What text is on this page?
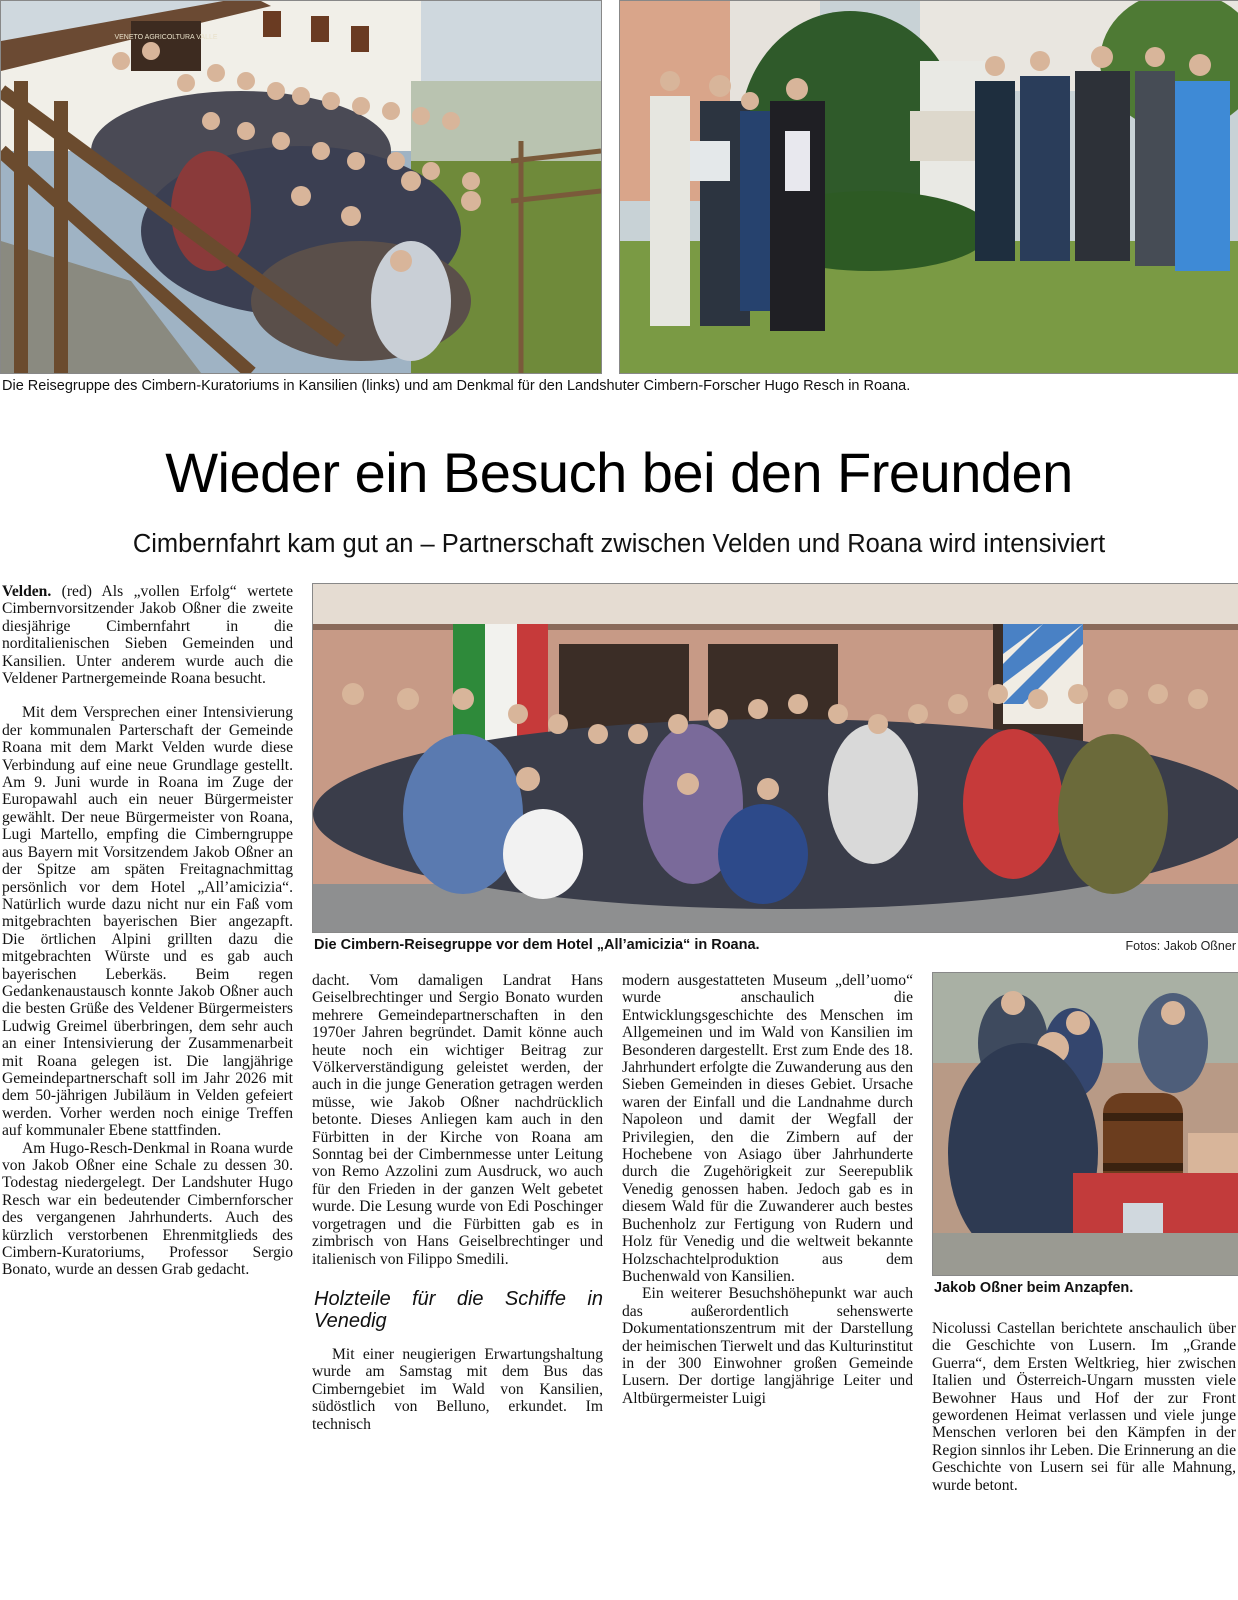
VENETO AGRICOLTURA VALLE
Die Reisegruppe des Cimbern-Kuratoriums in Kansilien (links) und am Denkmal für den Landshuter Cimbern-Forscher Hugo Resch in Roana.
Wieder ein Besuch bei den Freunden
Cimbernfahrt kam gut an – Partnerschaft zwischen Velden und Roana wird intensiviert

Velden. (red) Als „vollen Erfolg“ wertete Cimbernvorsitzender Jakob Oßner die zweite diesjährige Cimbernfahrt in die norditalienischen Sieben Gemeinden und Kansilien. Unter anderem wurde auch die Veldener Partnergemeinde Roana besucht.

Mit dem Versprechen einer Intensivierung der kommunalen Parterschaft der Gemeinde Roana mit dem Markt Velden wurde diese Verbindung auf eine neue Grundlage gestellt. Am 9. Juni wurde in Roana im Zuge der Europawahl auch ein neuer Bürgermeister gewählt. Der neue Bürgermeister von Roana, Lugi Martello, empfing die Cimberngruppe aus Bayern mit Vorsitzendem Jakob Oßner an der Spitze am späten Freitagnachmittag persönlich vor dem Hotel „All’amicizia“. Natürlich wurde dazu nicht nur ein Faß vom mitgebrachten bayerischen Bier angezapft. Die örtlichen Alpini grillten dazu die mitgebrachten Würste und es gab auch bayerischen Leberkäs. Beim regen Gedankenaustausch konnte Jakob Oßner auch die besten Grüße des Veldener Bürgermeisters Ludwig Greimel überbringen, dem sehr auch an einer Intensivierung der Zusammenarbeit mit Roana gelegen ist. Die langjährige Gemeindepartnerschaft soll im Jahr 2026 mit dem 50-jährigen Jubiläum in Velden gefeiert werden. Vorher werden noch einige Treffen auf kommunaler Ebene stattfinden.

Am Hugo-Resch-Denkmal in Roana wurde von Jakob Oßner eine Schale zu dessen 30. Todestag niedergelegt. Der Landshuter Hugo Resch war ein bedeutender Cimbernforscher des vergangenen Jahrhunderts. Auch des kürzlich verstorbenen Ehrenmitglieds des Cimbern-Kuratoriums, Professor Sergio Bonato, wurde an dessen Grab gedacht.

Die Cimbern-Reisegruppe vor dem Hotel „All’amicizia“ in Roana.	Fotos: Jakob Oßner

dacht. Vom damaligen Landrat Hans Geiselbrechtinger und Sergio Bonato wurden mehrere Gemeindepartnerschaften in den 1970er Jahren begründet. Damit könne auch heute noch ein wichtiger Beitrag zur Völkerverständigung geleistet werden, der auch in die junge Generation getragen werden müsse, wie Jakob Oßner nachdrücklich betonte. Dieses Anliegen kam auch in den Fürbitten in der Kirche von Roana am Sonntag bei der Cimbernmesse unter Leitung von Remo Azzolini zum Ausdruck, wo auch für den Frieden in der ganzen Welt gebetet wurde. Die Lesung wurde von Edi Poschinger vorgetragen und die Fürbitten gab es in zimbrisch von Hans Geiselbrechtinger und italienisch von Filippo Smedili.

Holzteile für die Schiffe in Venedig

Mit einer neugierigen Erwartungshaltung wurde am Samstag mit dem Bus das Cimberngebiet im Wald von Kansilien, südöstlich von Belluno, erkundet. Im technisch

modern ausgestatteten Museum „dell’uomo“ wurde anschaulich die Entwicklungsgeschichte des Menschen im Allgemeinen und im Wald von Kansilien im Besonderen dargestellt. Erst zum Ende des 18. Jahrhundert erfolgte die Zuwanderung aus den Sieben Gemeinden in dieses Gebiet. Ursache waren der Einfall und die Landnahme durch Napoleon und damit der Wegfall der Privilegien, den die Zimbern auf der Hochebene von Asiago über Jahrhunderte durch die Zugehörigkeit zur Seerepublik Venedig genossen haben. Jedoch gab es in diesem Wald für die Zuwanderer auch bestes Buchenholz zur Fertigung von Rudern und Holz für Venedig und die weltweit bekannte Holzschachtelproduktion aus dem Buchenwald von Kansilien.

Ein weiterer Besuchshöhepunkt war auch das außerordentlich sehenswerte Dokumentationszentrum mit der Darstellung der heimischen Tierwelt und das Kulturinstitut in der 300 Einwohner großen Gemeinde Lusern. Der dortige langjährige Leiter und Altbürgermeister Luigi

Jakob Oßner beim Anzapfen.

Nicolussi Castellan berichtete anschaulich über die Geschichte von Lusern. Im „Grande Guerra“, dem Ersten Weltkrieg, hier zwischen Italien und Österreich-Ungarn mussten viele Bewohner Haus und Hof der zur Front gewordenen Heimat verlassen und viele junge Menschen verloren bei den Kämpfen in der Region sinnlos ihr Leben. Die Erinnerung an die Geschichte von Lusern sei für alle Mahnung, wurde betont.
